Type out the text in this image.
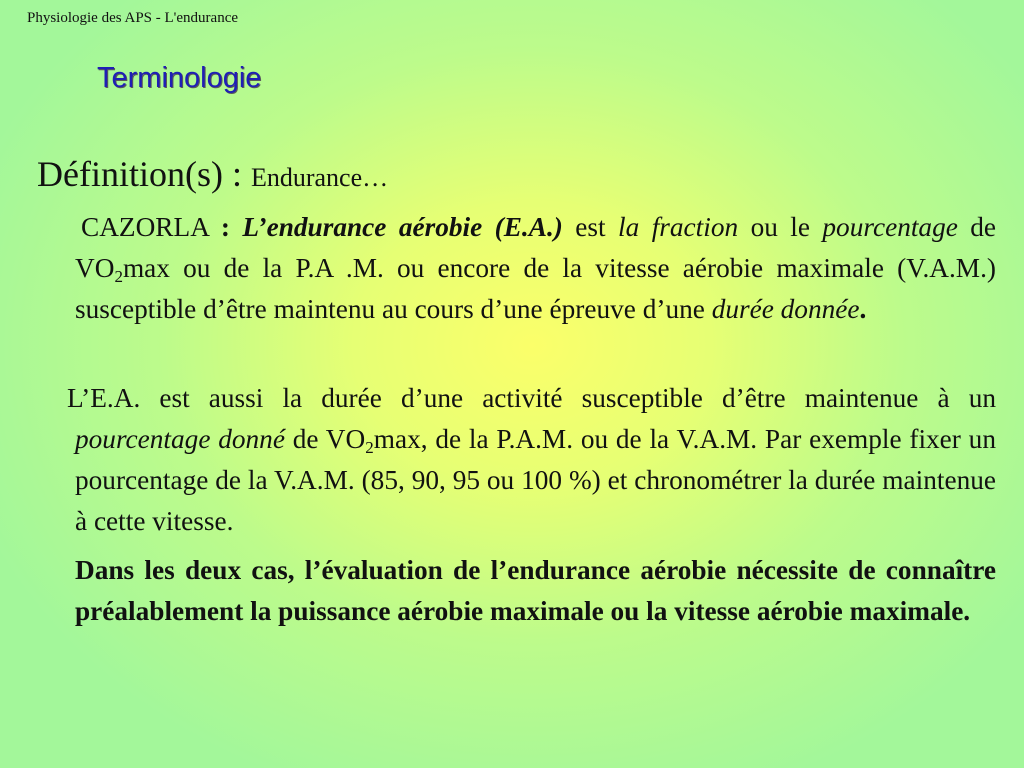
Physiologie des APS - L'endurance
Terminologie
Définition(s) : Endurance…
CAZORLA : L’endurance aérobie (E.A.) est la fraction ou le pourcentage de $VO_2\max$ ou de la P.A .M. ou encore de la vitesse aérobie maximale (V.A.M.) susceptible d’être maintenu au cours d’une épreuve d’une durée donnée.
L’E.A. est aussi la durée d’une activité susceptible d’être maintenue à un pourcentage donné de $VO_2\max$, de la P.A.M. ou de la V.A.M. Par exemple fixer un pourcentage de la V.A.M. (85, 90, 95 ou 100 %) et chronométrer la durée maintenue à cette vitesse.
Dans les deux cas, l’évaluation de l’endurance aérobie nécessite de connaître préalablement la puissance aérobie maximale ou la vitesse aérobie maximale.
